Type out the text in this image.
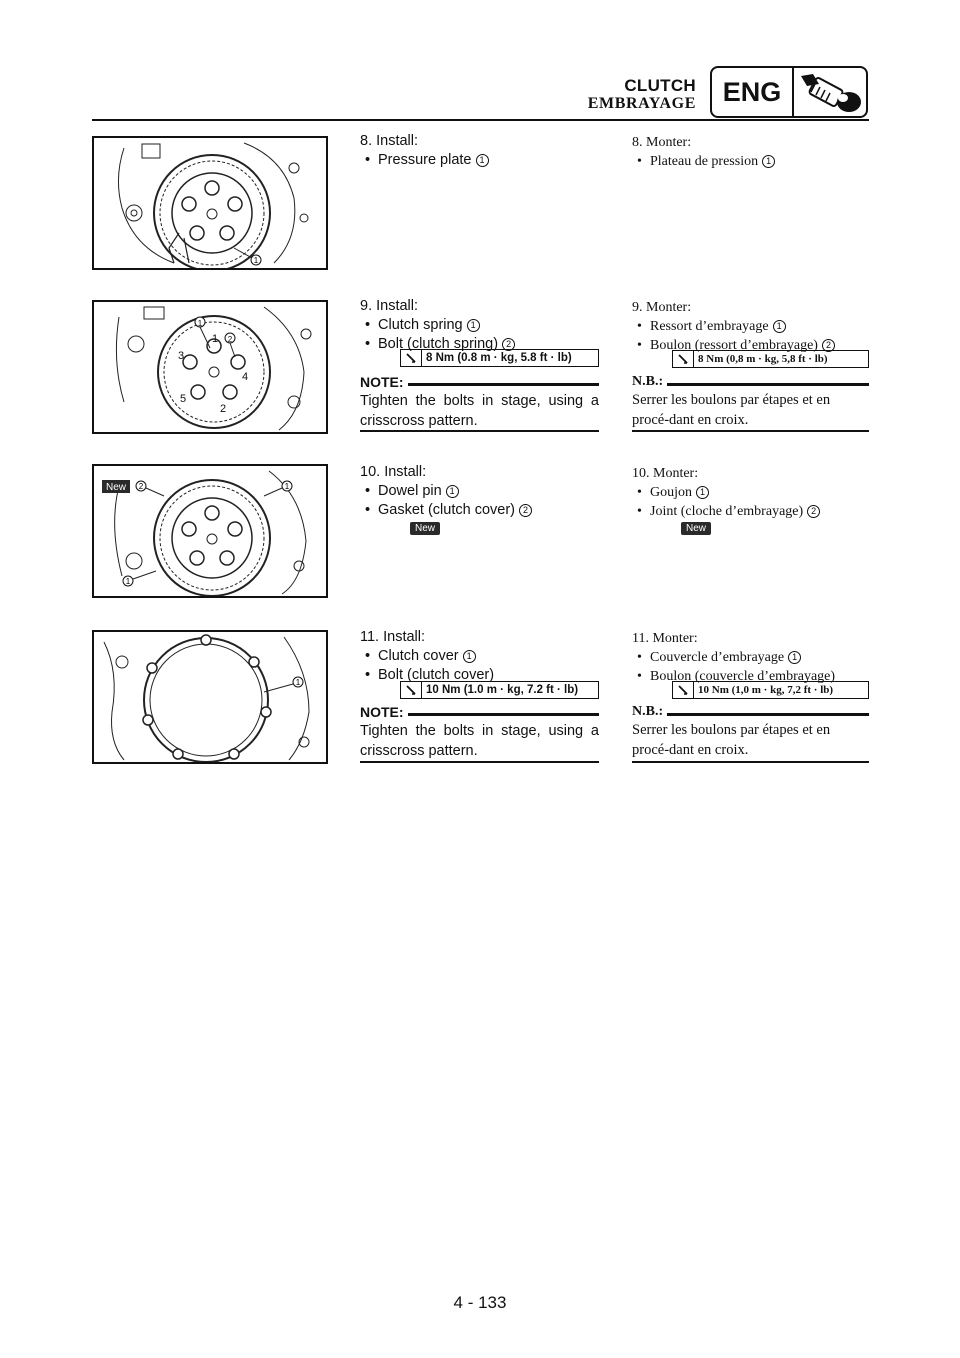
CLUTCH
EMBRAYAGE ENG
1
1
2
3
1
4
5
2
New 2	1
1
1
8. Install:
• Pressure plate 1
8. Monter:
• Plateau de pression 1
9. Install:
• Clutch spring 1
• Bolt (clutch spring) 2
8 Nm (0.8 m · kg, 5.8 ft · lb)
NOTE:
Tighten the bolts in stage, using a crisscross pattern.
9. Monter:
• Ressort d’embrayage 1
• Boulon (ressort d’embrayage) 2
8 Nm (0,8 m · kg, 5,8 ft · lb)
N.B.:
Serrer les boulons par étapes et en procé-dant en croix.
10. Install:
• Dowel pin 1
• Gasket (clutch cover) 2
New
10. Monter:
• Goujon 1
• Joint (cloche d’embrayage) 2
New
11. Install:
• Clutch cover 1
• Bolt (clutch cover)
10 Nm (1.0 m · kg, 7.2 ft · lb)
NOTE:
Tighten the bolts in stage, using a crisscross pattern.
11. Monter:
• Couvercle d’embrayage 1
• Boulon (couvercle d’embrayage)
10 Nm (1,0 m · kg, 7,2 ft · lb)
N.B.:
Serrer les boulons par étapes et en procé-dant en croix.
4 - 133
